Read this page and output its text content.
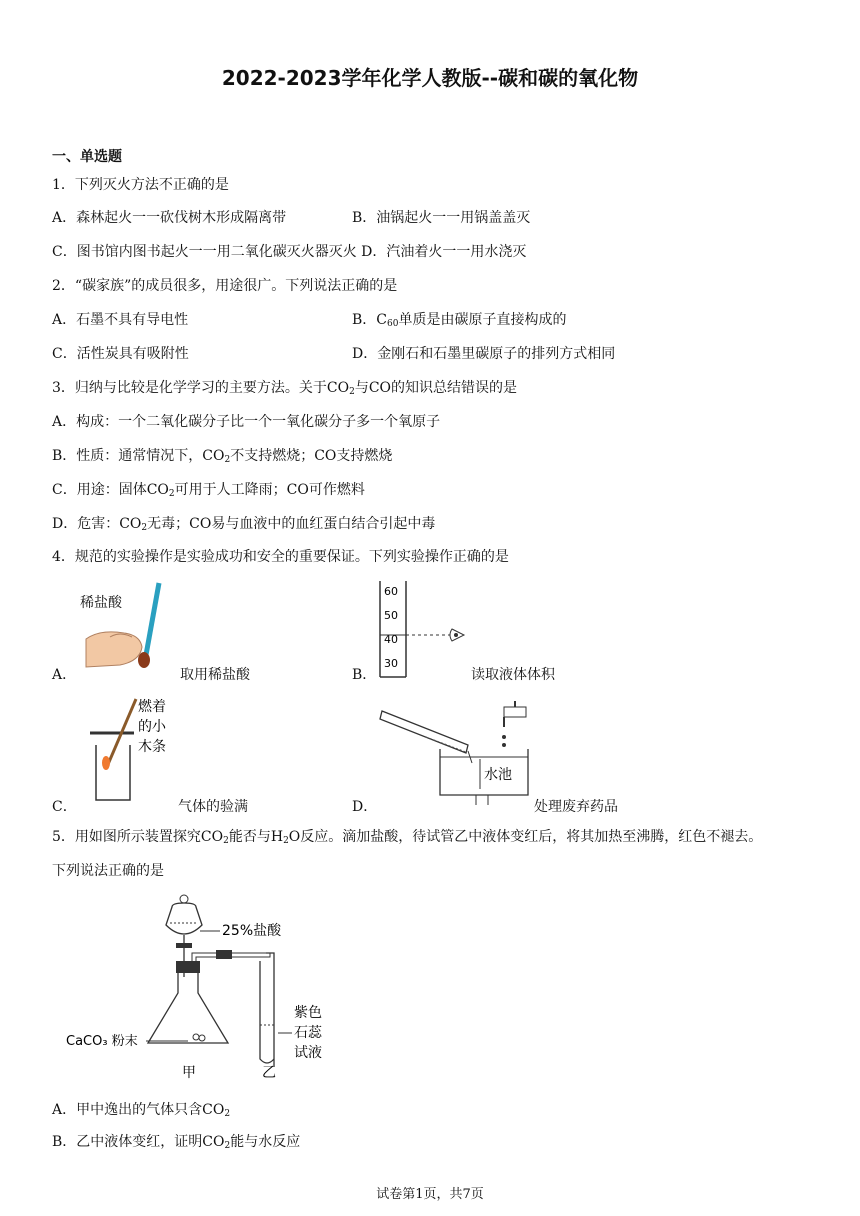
2022-2023学年化学人教版--碳和碳的氧化物
一、单选题
1．下列灭火方法不正确的是
A．森林起火一一砍伐树木形成隔离带	B．油锅起火一一用锅盖盖灭
C．图书馆内图书起火一一用二氧化碳灭火器灭火 D．汽油着火一一用水浇灭
2．“碳家族”的成员很多，用途很广。下列说法正确的是
A．石墨不具有导电性	B．$C_{60}$单质是由碳原子直接构成的
C．活性炭具有吸附性	D．金刚石和石墨里碳原子的排列方式相同
3．归纳与比较是化学学习的主要方法。关于$CO_2$与CO的知识总结错误的是
A．构成：一个二氧化碳分子比一个一氧化碳分子多一个氧原子
B．性质：通常情况下，$CO_2$不支持燃烧；CO支持燃烧
C．用途：固体$CO_2$可用于人工降雨；CO可作燃料
D．危害：$CO_2$无毒；CO易与血液中的血红蛋白结合引起中毒
4．规范的实验操作是实验成功和安全的重要保证。下列实验操作正确的是
稀盐酸
A．	取用稀盐酸
60
50
40
30
B．	读取液体体积
燃着
的小
木条
C．	气体的验满
水池
D．	处理废弃药品
5．用如图所示装置探究$CO_2$能否与$H_2O$反应。滴加盐酸，待试管乙中液体变红后，将其加热至沸腾，红色不褪去。
下列说法正确的是
25%盐酸
紫色
石蕊
试液
CaCO₃ 粉末
甲	乙
A．甲中逸出的气体只含$CO_2$
B．乙中液体变红，证明$CO_2$能与水反应
试卷第1页，共7页
